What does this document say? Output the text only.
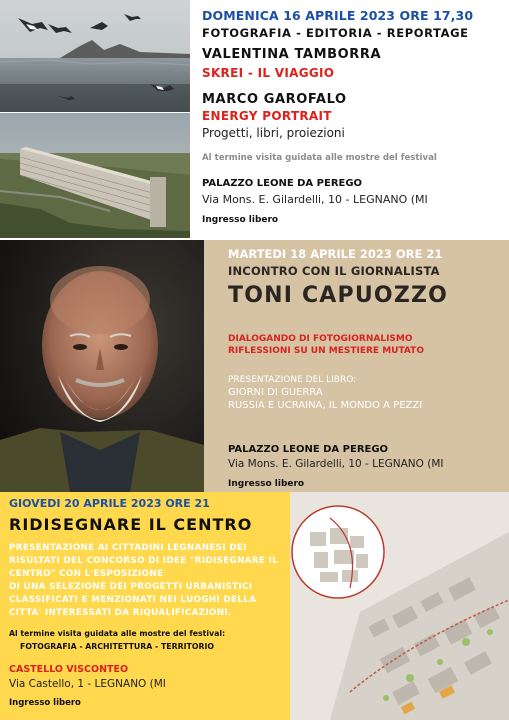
DOMENICA 16 APRILE 2023 ORE 17,30
FOTOGRAFIA - EDITORIA - REPORTAGE
VALENTINA TAMBORRA
SKREI - IL VIAGGIO
MARCO GAROFALO
ENERGY PORTRAIT
Progetti, libri, proiezioni
Al termine visita guidata alle mostre del festival
PALAZZO LEONE DA PEREGO
Via Mons. E. Gilardelli, 10 - LEGNANO (MI
Ingresso libero
MARTEDI 18 APRILE 2023 ORE 21
INCONTRO CON IL GIORNALISTA
TONI CAPUOZZO
DIALOGANDO DI FOTOGIORNALISMO
RIFLESSIONI SU UN MESTIERE MUTATO
PRESENTAZIONE DEL LIBRO:
GIORNI DI GUERRA
RUSSIA E UCRAINA, IL MONDO A PEZZI
PALAZZO LEONE DA PEREGO
Via Mons. E. Gilardelli, 10 - LEGNANO (MI
Ingresso libero
GIOVEDI 20 APRILE 2023 ORE 21
RIDISEGNARE IL CENTRO
PRESENTAZIONE AI CITTADINI LEGNANESI DEI
RISULTATI DEL CONCORSO DI IDEE "RIDISEGNARE IL
CENTRO" CON L'ESPOSIZIONE
DI UNA SELEZIONE DEI PROGETTI URBANISTICI
CLASSIFICATI E MENZIONATI NEI LUOGHI DELLA
CITTA' INTERESSATI DA RIQUALIFICAZIONI.
Al termine visita guidata alle mostre del festival:
FOTOGRAFIA - ARCHITETTURA - TERRITORIO
CASTELLO VISCONTEO
Via Castello, 1 - LEGNANO (MI
Ingresso libero
